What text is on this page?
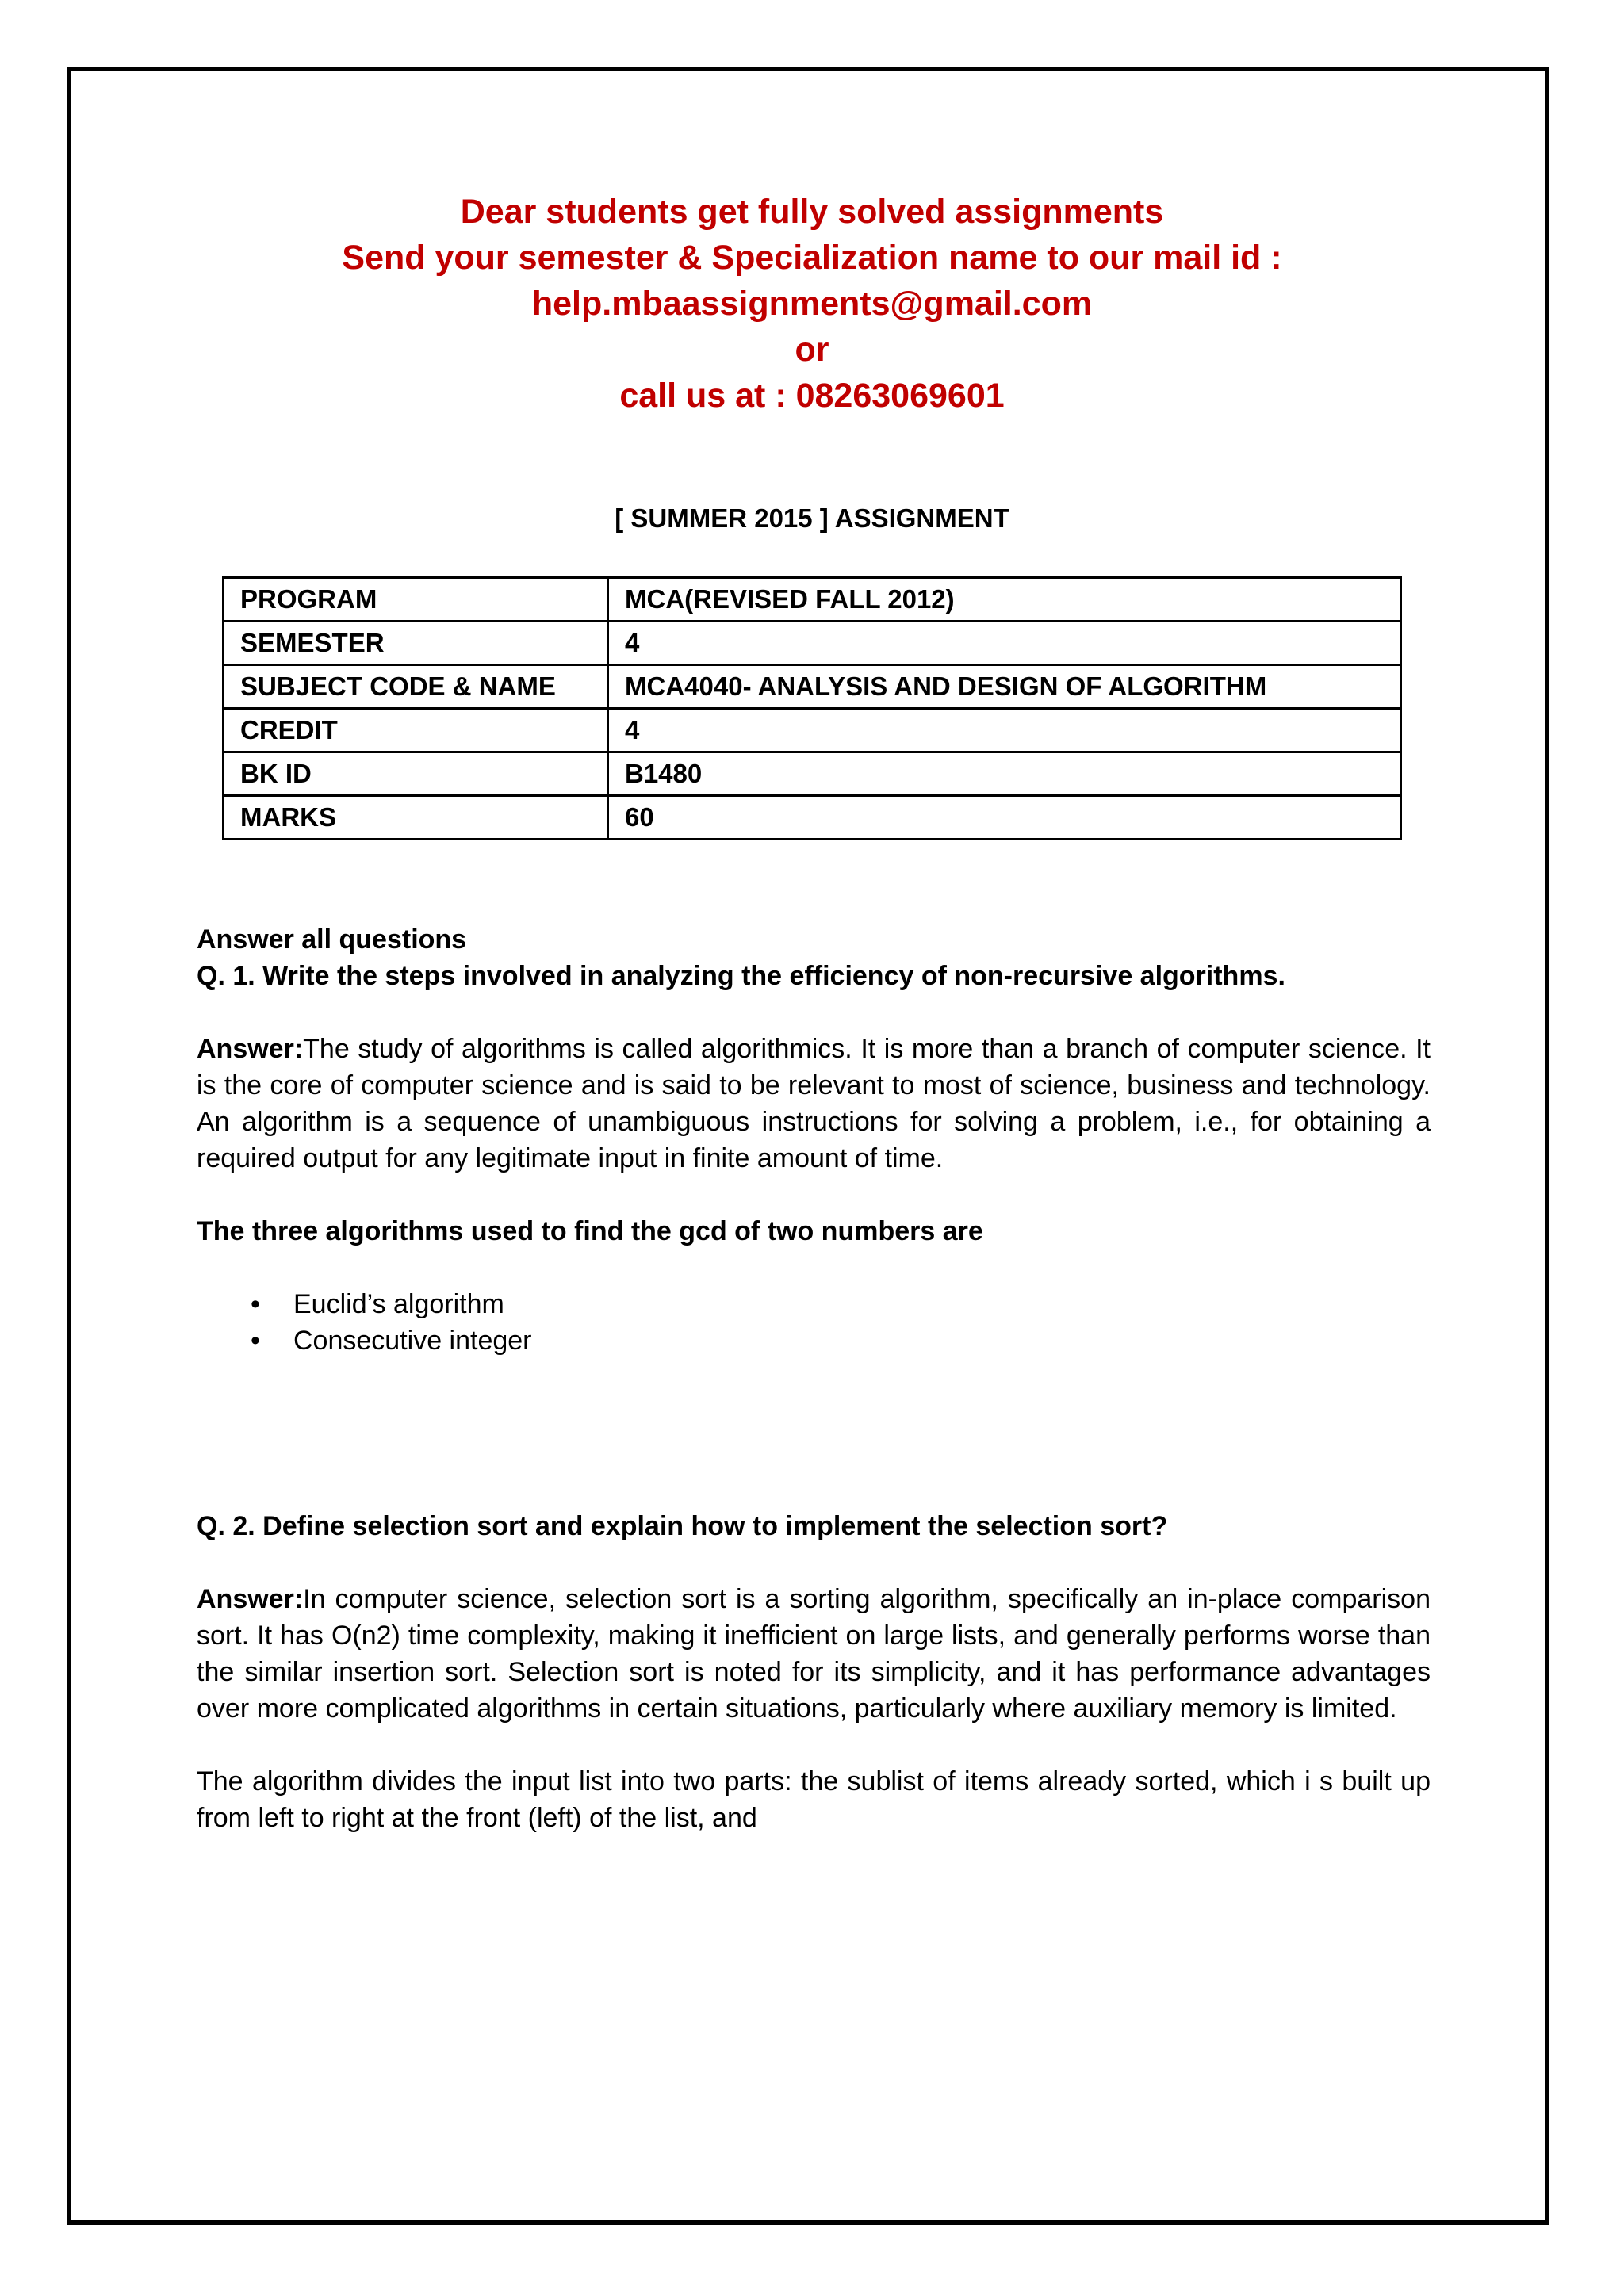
Dear students get fully solved assignments
Send your semester & Specialization name to our mail id :
help.mbaassignments@gmail.com
or
call us at : 08263069601
[ SUMMER 2015 ] ASSIGNMENT
PROGRAM	MCA(REVISED FALL 2012)
SEMESTER	4
SUBJECT CODE & NAME	MCA4040- ANALYSIS AND DESIGN OF ALGORITHM
CREDIT	4
BK ID	B1480
MARKS	60
Answer all questions
Q. 1. Write the steps involved in analyzing the efficiency of non-recursive algorithms.
Answer:The study of algorithms is called algorithmics. It is more than a branch of computer science. It is the core of computer science and is said to be relevant to most of science, business and technology. An algorithm is a sequence of unambiguous instructions for solving a problem, i.e., for obtaining a required output for any legitimate input in finite amount of time.
The three algorithms used to find the gcd of two numbers are
• Euclid’s algorithm
• Consecutive integer
Q. 2. Define selection sort and explain how to implement the selection sort?
Answer:In computer science, selection sort is a sorting algorithm, specifically an in-place comparison sort. It has O(n2) time complexity, making it inefficient on large lists, and generally performs worse than the similar insertion sort. Selection sort is noted for its simplicity, and it has performance advantages over more complicated algorithms in certain situations, particularly where auxiliary memory is limited.
The algorithm divides the input list into two parts: the sublist of items already sorted, which i s built up from left to right at the front (left) of the list, and
